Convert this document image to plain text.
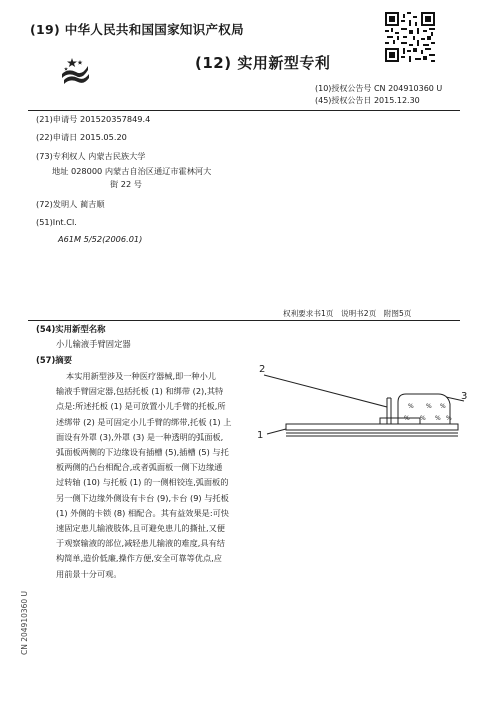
(19) 中华人民共和国国家知识产权局
(12) 实用新型专利
(10)授权公告号 CN 204910360 U
(45)授权公告日 2015.12.30
(21)申请号 201520357849.4
(22)申请日 2015.05.20
(73)专利权人 内蒙古民族大学
地址 028000 内蒙古自治区通辽市霍林河大
街 22 号
(72)发明人 蔺吉顺
(51)Int.Cl.
A61M 5/52(2006.01)
权利要求书1页　说明书2页　附图5页
(54)实用新型名称
小儿输液手臂固定器
(57)摘要
本实用新型涉及一种医疗器械,即一种小儿
输液手臂固定器,包括托板 (1) 和绑带 (2),其特
点是:所述托板 (1) 是可放置小儿手臂的托板,所
述绑带 (2) 是可固定小儿手臂的绑带,托板 (1) 上
面设有外罩 (3),外罩 (3) 是一种透明的弧面板,
弧面板两侧的下边缘设有插槽 (5),插槽 (5) 与托
板两侧的凸台相配合,或者弧面板一侧下边缘通
过转轴 (10) 与托板 (1) 的一侧相铰连,弧面板的
另一侧下边缘外侧设有卡台 (9),卡台 (9) 与托板
(1) 外侧的卡锁 (8) 相配合。其有益效果是:可快
速固定患儿输液肢体,且可避免患儿的撕扯,又便
于观察输液的部位,减轻患儿输液的难度,具有结
构简单,造价低廉,操作方便,安全可靠等优点,应
用前景十分可观。
% % %
% % % %
2
3
1
CN 204910360 U
